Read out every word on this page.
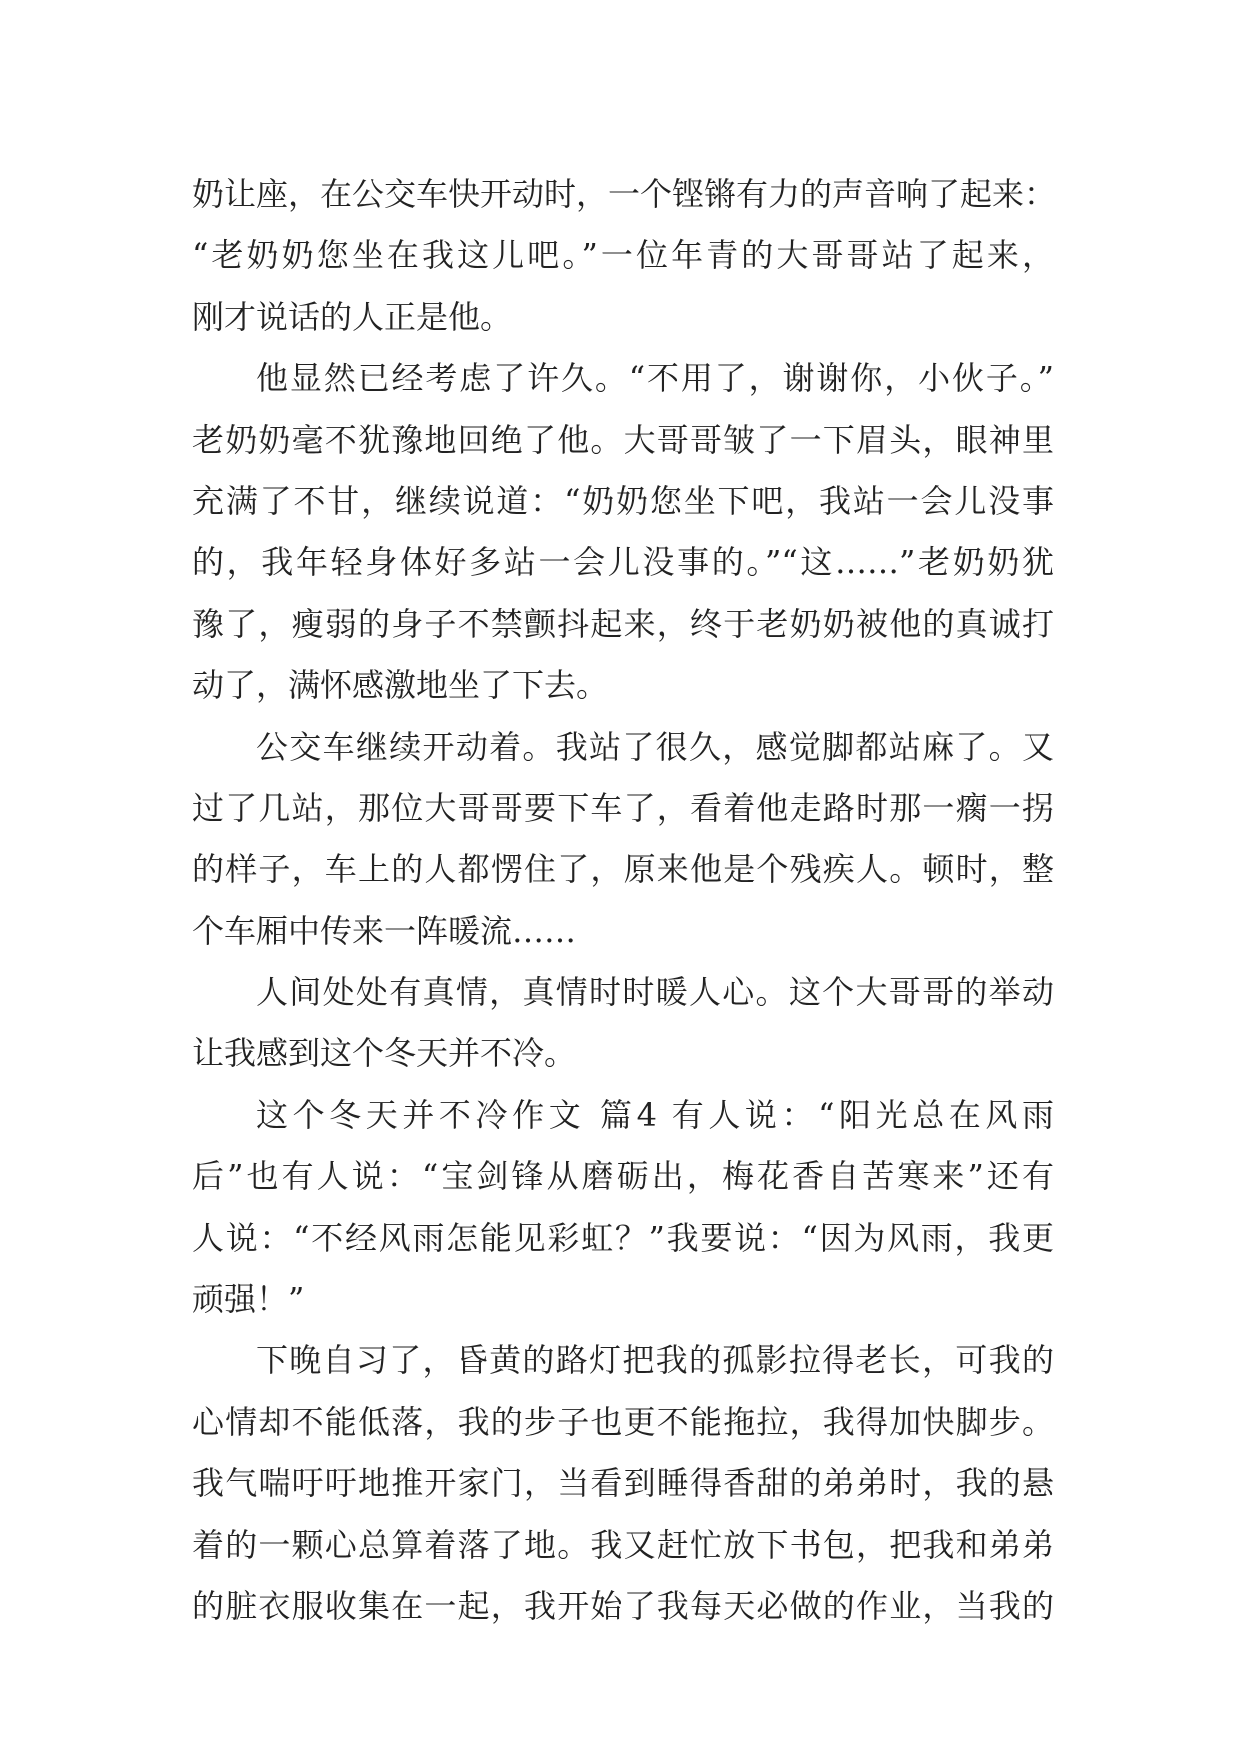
奶让座，在公交车快开动时，一个铿锵有力的声音响了起来：
“老奶奶您坐在我这儿吧。”一位年青的大哥哥站了起来，
刚才说话的人正是他。
他显然已经考虑了许久。“不用了，谢谢你，小伙子。”
老奶奶毫不犹豫地回绝了他。大哥哥皱了一下眉头，眼神里
充满了不甘，继续说道：“奶奶您坐下吧，我站一会儿没事
的，我年轻身体好多站一会儿没事的。”“这……”老奶奶犹
豫了，瘦弱的身子不禁颤抖起来，终于老奶奶被他的真诚打
动了，满怀感激地坐了下去。
公交车继续开动着。我站了很久，感觉脚都站麻了。又
过了几站，那位大哥哥要下车了，看着他走路时那一瘸一拐
的样子，车上的人都愣住了，原来他是个残疾人。顿时，整
个车厢中传来一阵暖流……
人间处处有真情，真情时时暖人心。这个大哥哥的举动
让我感到这个冬天并不冷。
这个冬天并不冷作文 篇4 有人说：“阳光总在风雨
后”也有人说：“宝剑锋从磨砺出，梅花香自苦寒来”还有
人说：“不经风雨怎能见彩虹？”我要说：“因为风雨，我更
顽强！”
下晚自习了，昏黄的路灯把我的孤影拉得老长，可我的
心情却不能低落，我的步子也更不能拖拉，我得加快脚步。
我气喘吁吁地推开家门，当看到睡得香甜的弟弟时，我的悬
着的一颗心总算着落了地。我又赶忙放下书包，把我和弟弟
的脏衣服收集在一起，我开始了我每天必做的作业，当我的
